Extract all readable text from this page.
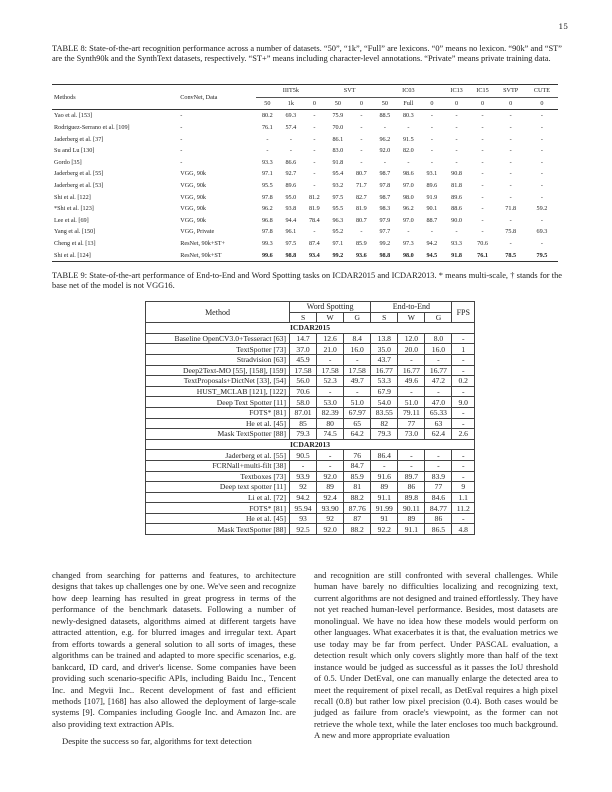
15
TABLE 8: State-of-the-art recognition performance across a number of datasets. “50”, “1k”, “Full” are lexicons. “0” means no lexicon. “90k” and “ST” are the Synth90k and the SynthText datasets, respectively. “ST+” means including character-level annotations. “Private” means private training data.
Methods	ConvNet, Data	IIIT5k			SVT		IC03			IC13	IC15	SVTP	CUTE
		50	1k	0	50	0	50	Full	0	0	0	0	0
Yao et al. [153]	-	80.2	69.3	-	75.9	-	88.5	80.3	-	-	-	-	-
Rodriguez-Serrano et al. [109]	-	76.1	57.4	-	70.0	-	-	-	-	-	-	-	-
Jaderberg et al. [37]	-	-	-	-	86.1	-	96.2	91.5	-	-	-	-	-
Su and Lu [130]	-	-	-	-	83.0	-	92.0	82.0	-	-	-	-	-
Gordo [35]	-	93.3	86.6	-	91.8	-	-	-	-	-	-	-	-
Jaderberg et al. [55]	VGG, 90k	97.1	92.7	-	95.4	80.7	98.7	98.6	93.1	90.8	-	-	-
Jaderberg et al. [53]	VGG, 90k	95.5	89.6	-	93.2	71.7	97.8	97.0	89.6	81.8	-	-	-
Shi et al. [122]	VGG, 90k	97.8	95.0	81.2	97.5	82.7	98.7	98.0	91.9	89.6	-	-	-
*Shi et al. [123]	VGG, 90k	96.2	93.8	81.9	95.5	81.9	98.3	96.2	90.1	88.6	-	71.8	59.2
Lee et al. [69]	VGG, 90k	96.8	94.4	78.4	96.3	80.7	97.9	97.0	88.7	90.0	-	-	-
Yang et al. [150]	VGG, Private	97.8	96.1	-	95.2	-	97.7	-	-	-	-	75.8	69.3
Cheng et al. [13]	ResNet, 90k+ST+	99.3	97.5	87.4	97.1	85.9	99.2	97.3	94.2	93.3	70.6	-	-
Shi et al. [124]	ResNet, 90k+ST	99.6	98.8	93.4	99.2	93.6	98.8	98.0	94.5	91.8	76.1	78.5	79.5
TABLE 9: State-of-the-art performance of End-to-End and Word Spotting tasks on ICDAR2015 and ICDAR2013. * means multi-scale, † stands for the base net of the model is not VGG16.
Method	Word Spotting			End-to-End			FPS
	S	W	G	S	W	G	
ICDAR2015							
Baseline OpenCV3.0+Tesseract [63]	14.7	12.6	8.4	13.8	12.0	8.0	-
TextSpotter [73]	37.0	21.0	16.0	35.0	20.0	16.0	1
Stradvision [63]	45.9	-	-	43.7	-	-	-
Deep2Text-MO [55], [158], [159]	17.58	17.58	17.58	16.77	16.77	16.77	-
TextProposals+DictNet [33], [54]	56.0	52.3	49.7	53.3	49.6	47.2	0.2
HUST_MCLAB [121], [122]	70.6	-	-	67.9	-	-	-
Deep Text Spotter [11]	58.0	53.0	51.0	54.0	51.0	47.0	9.0
FOTS* [81]	87.01	82.39	67.97	83.55	79.11	65.33	-
He et al. [45]	85	80	65	82	77	63	-
Mask TextSpotter [88]	79.3	74.5	64.2	79.3	73.0	62.4	2.6
ICDAR2013							
Jaderberg et al. [55]	90.5	-	76	86.4	-	-	-
FCRNall+multi-filt [38]	-	-	84.7	-	-	-	-
Textboxes [73]	93.9	92.0	85.9	91.6	89.7	83.9	-
Deep text spotter [11]	92	89	81	89	86	77	9
Li et al. [72]	94.2	92.4	88.2	91.1	89.8	84.6	1.1
FOTS* [81]	95.94	93.90	87.76	91.99	90.11	84.77	11.2
He et al. [45]	93	92	87	91	89	86	-
Mask TextSpotter [88]	92.5	92.0	88.2	92.2	91.1	86.5	4.8

changed from searching for patterns and features, to architecture designs that takes up challenges one by one. We've seen and recognize how deep learning has resulted in great progress in terms of the performance of the benchmark datasets. Following a number of newly-designed datasets, algorithms aimed at different targets have attracted attention, e.g. for blurred images and irregular text. Apart from efforts towards a general solution to all sorts of images, these algorithms can be trained and adapted to more specific scenarios, e.g. bankcard, ID card, and driver's license. Some companies have been providing such scenario-specific APIs, including Baidu Inc., Tencent Inc. and Megvii Inc.. Recent development of fast and efficient methods [107], [168] has also allowed the deployment of large-scale systems [9]. Companies including Google Inc. and Amazon Inc. are also providing text extraction APIs.

Despite the success so far, algorithms for text detection

and recognition are still confronted with several challenges. While human have barely no difficulties localizing and recognizing text, current algorithms are not designed and trained effortlessly. They have not yet reached human-level performance. Besides, most datasets are monolingual. We have no idea how these models would perform on other languages. What exacerbates it is that, the evaluation metrics we use today may be far from perfect. Under PASCAL evaluation, a detection result which only covers slightly more than half of the text instance would be judged as successful as it passes the IoU threshold of 0.5. Under DetEval, one can manually enlarge the detected area to meet the requirement of pixel recall, as DetEval requires a high pixel recall (0.8) but rather low pixel precision (0.4). Both cases would be judged as failure from oracle's viewpoint, as the former can not retrieve the whole text, while the later encloses too much background. A new and more appropriate evaluation
